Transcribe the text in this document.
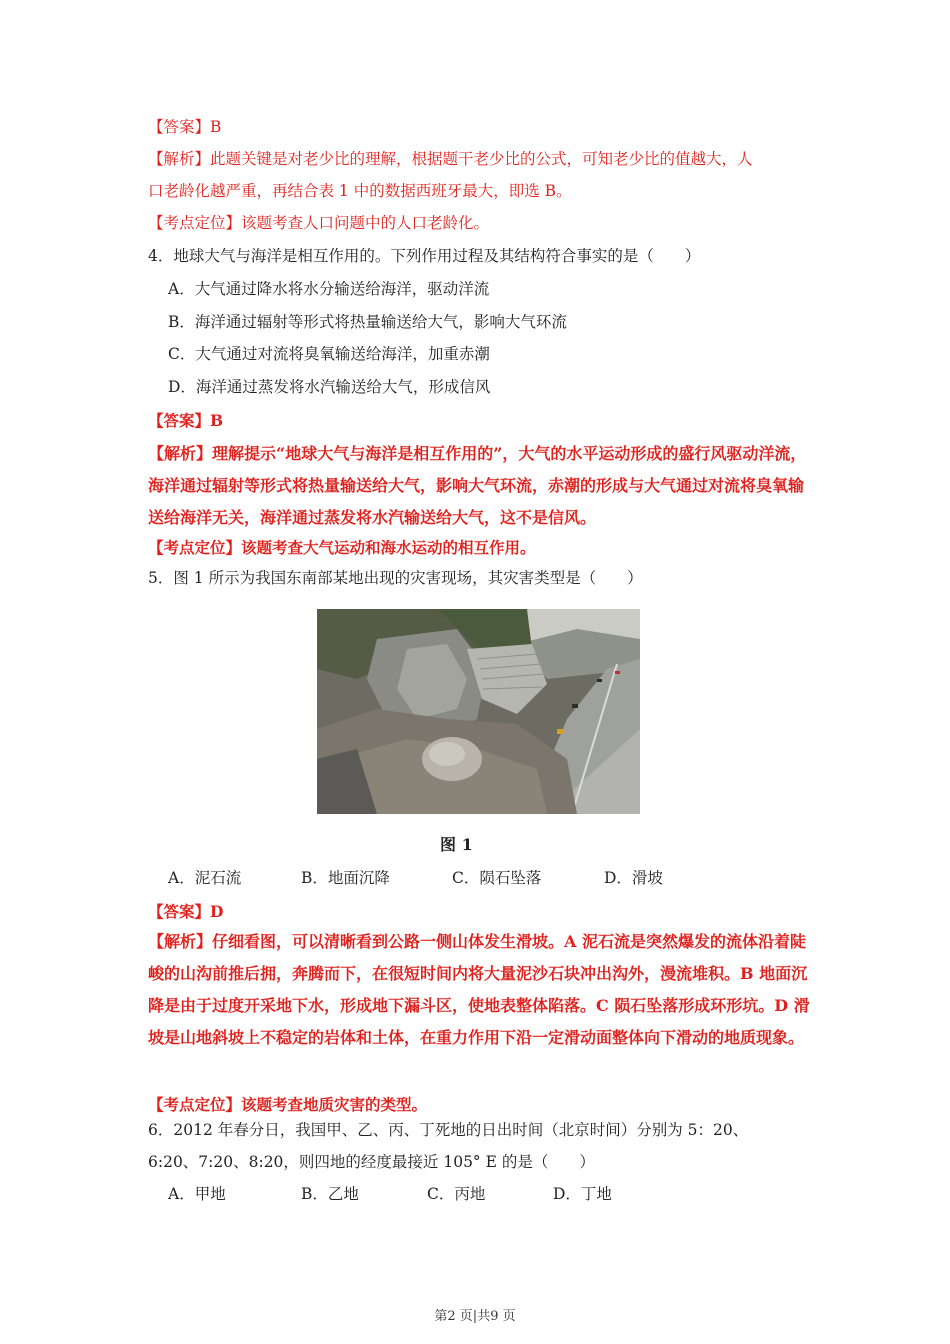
【答案】B
【解析】此题关键是对老少比的理解，根据题干老少比的公式，可知老少比的值越大，人
口老龄化越严重，再结合表 1 中的数据西班牙最大，即选 B。
【考点定位】该题考查人口问题中的人口老龄化。
4．地球大气与海洋是相互作用的。下列作用过程及其结构符合事实的是（　　）
A．大气通过降水将水分输送给海洋，驱动洋流
B．海洋通过辐射等形式将热量输送给大气，影响大气环流
C．大气通过对流将臭氧输送给海洋，加重赤潮
D．海洋通过蒸发将水汽输送给大气，形成信风
【答案】B
【解析】理解提示“地球大气与海洋是相互作用的”，大气的水平运动形成的盛行风驱动洋流，海洋通过辐射等形式将热量输送给大气，影响大气环流，赤潮的形成与大气通过对流将臭氧输送给海洋无关，海洋通过蒸发将水汽输送给大气，这不是信风。
【考点定位】该题考查大气运动和海水运动的相互作用。
5．图 1 所示为我国东南部某地出现的灾害现场，其灾害类型是（　　）
图 1
A．泥石流	B．地面沉降	C．陨石坠落	D．滑坡
【答案】D
【解析】仔细看图，可以清晰看到公路一侧山体发生滑坡。A 泥石流是突然爆发的流体沿着陡峻的山沟前推后拥，奔腾而下，在很短时间内将大量泥沙石块冲出沟外，漫流堆积。B 地面沉降是由于过度开采地下水，形成地下漏斗区，使地表整体陷落。C 陨石坠落形成环形坑。D 滑坡是山地斜坡上不稳定的岩体和土体，在重力作用下沿一定滑动面整体向下滑动的地质现象。
【考点定位】该题考查地质灾害的类型。
6．2012 年春分日，我国甲、乙、丙、丁死地的日出时间（北京时间）分别为 5：20、
6:20、7:20、8:20，则四地的经度最接近 105° E 的是（　　）
A．甲地	B．乙地	C．丙地	D．丁地
第2 页|共9 页
